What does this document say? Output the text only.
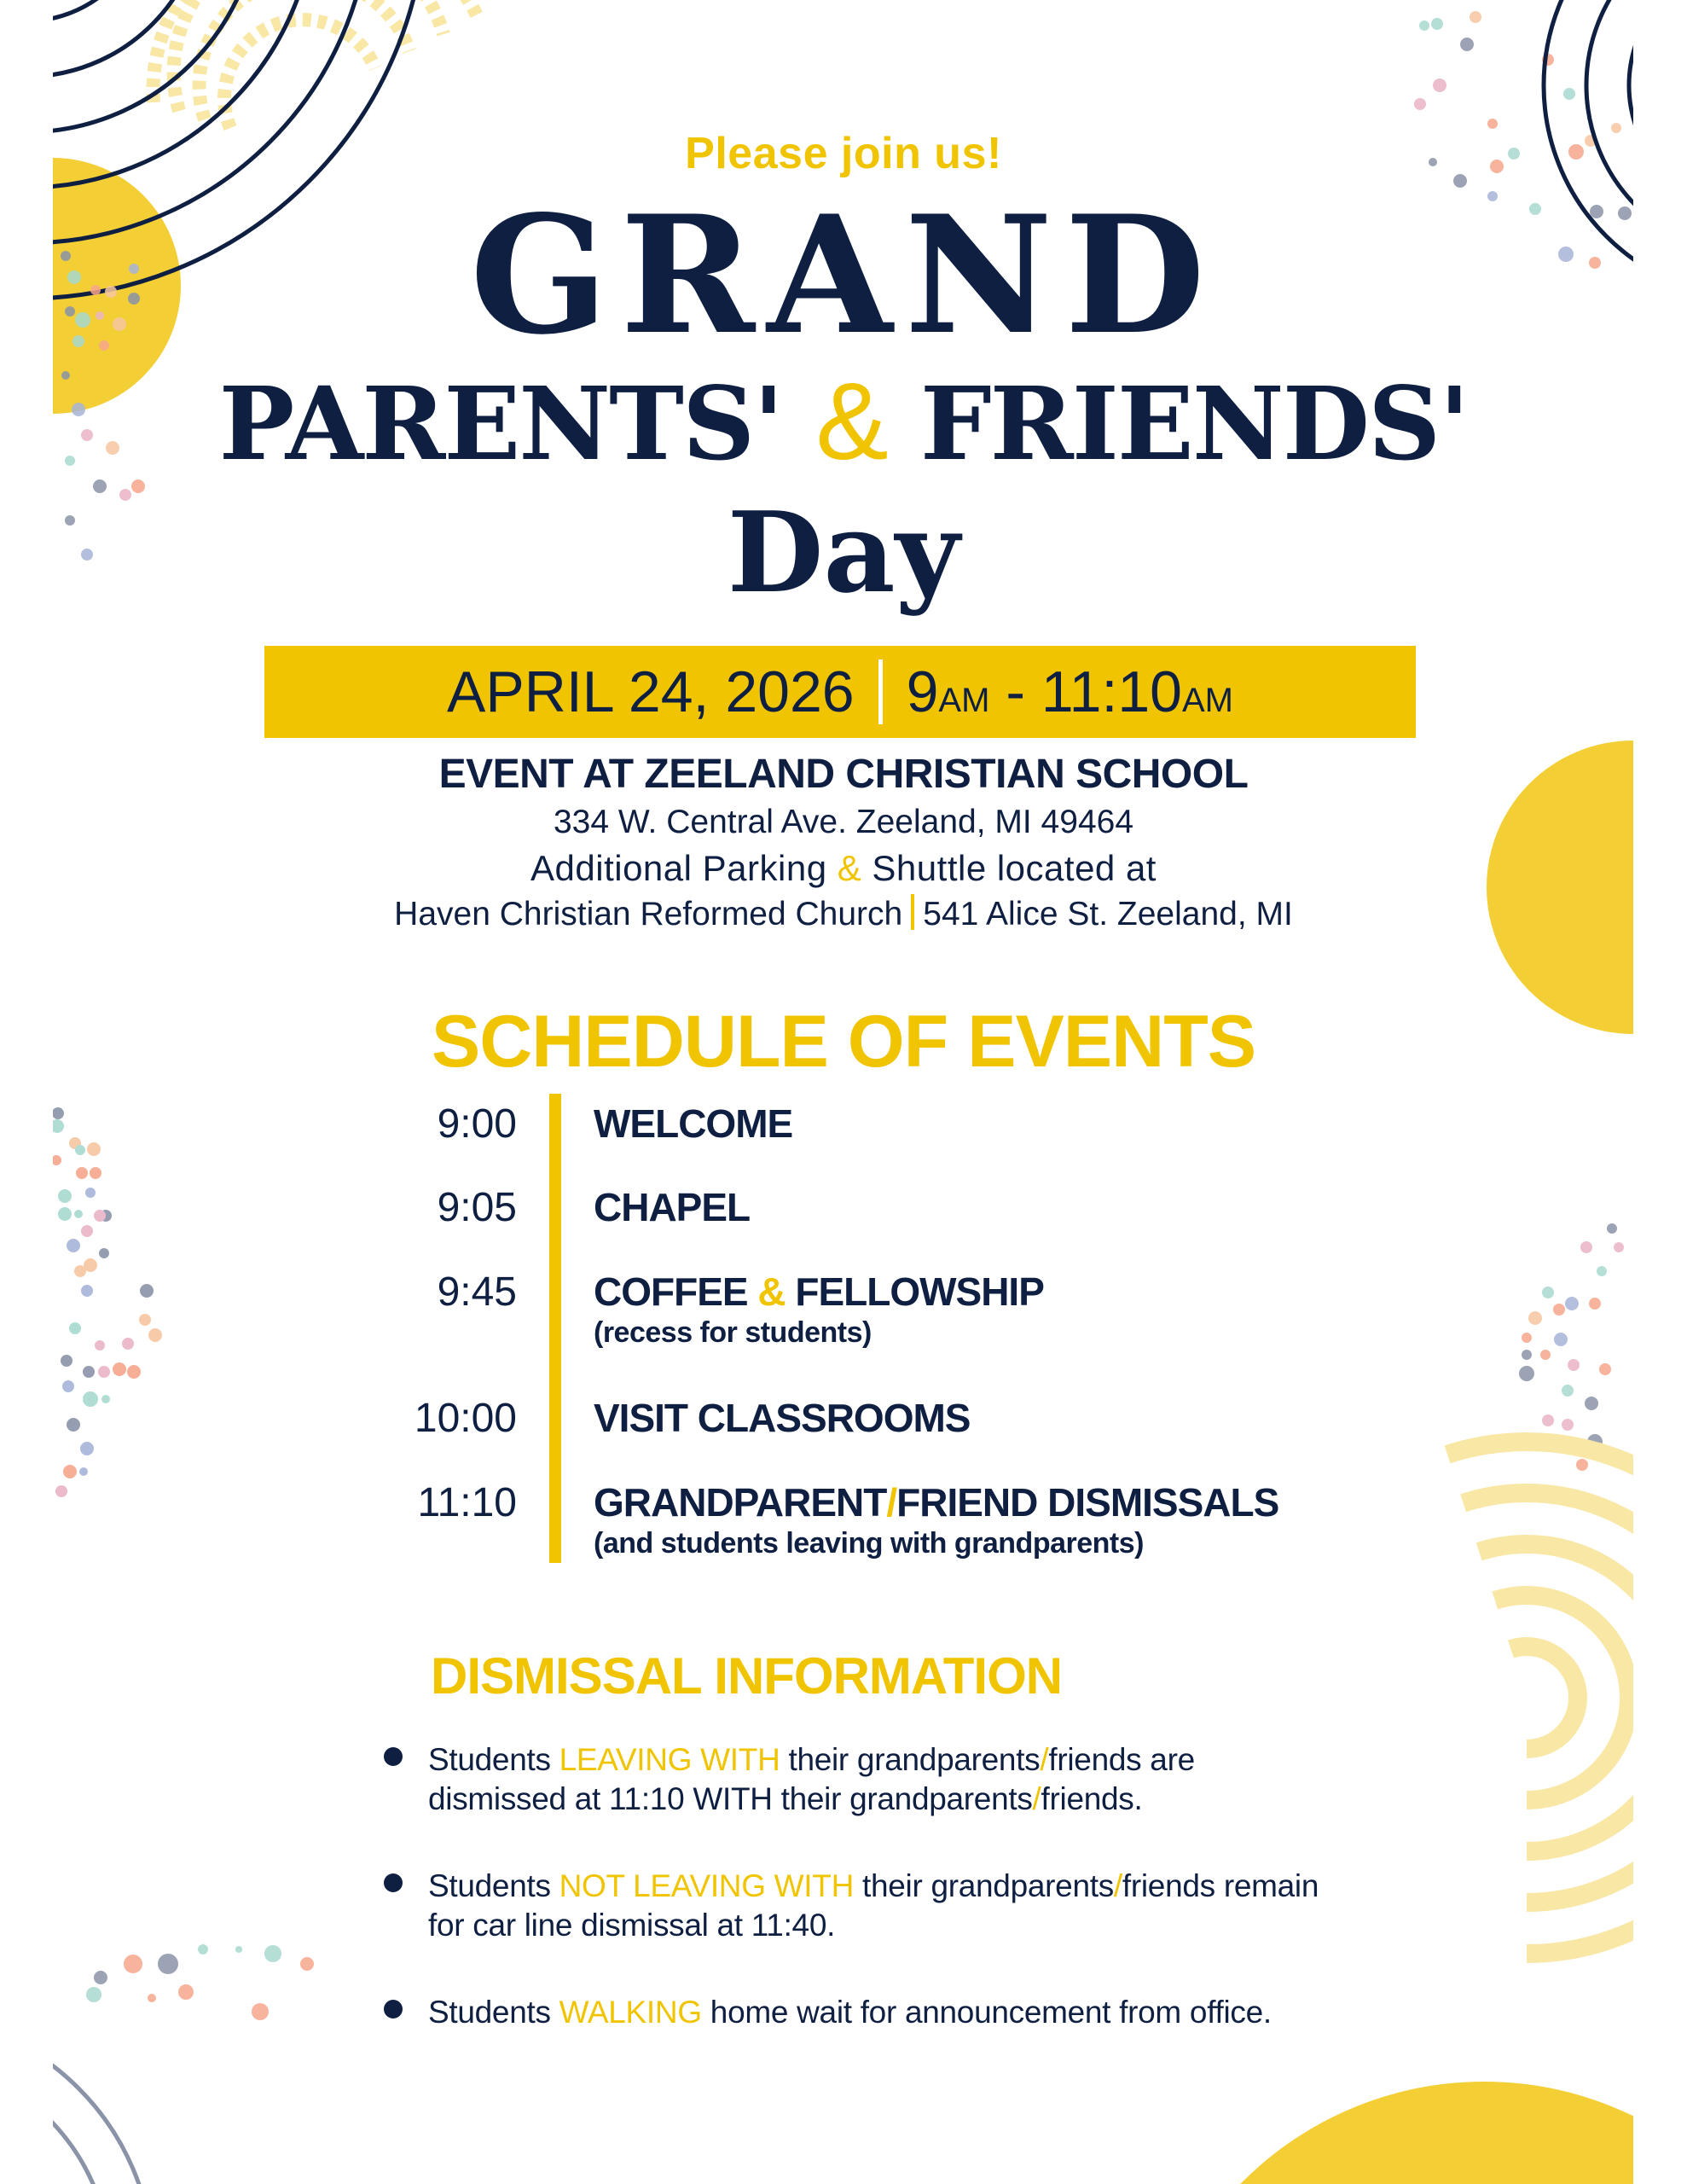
Please join us!
GRAND
PARENTS' & FRIENDS'
Day
APRIL 24, 2026 9AM - 11:10AM
EVENT AT ZEELAND CHRISTIAN SCHOOL
334 W. Central Ave. Zeeland, MI 49464
Additional Parking & Shuttle located at
Haven Christian Reformed Church 541 Alice St. Zeeland, MI
SCHEDULE OF EVENTS
9:00 WELCOME
9:05 CHAPEL
9:45 COFFEE & FELLOWSHIP
(recess for students)
10:00 VISIT CLASSROOMS
11:10 GRANDPARENT/FRIEND DISMISSALS
(and students leaving with grandparents)
DISMISSAL INFORMATION
Students LEAVING WITH their grandparents/friends are
dismissed at 11:10 WITH their grandparents/friends.
Students NOT LEAVING WITH their grandparents/friends remain
for car line dismissal at 11:40.
Students WALKING home wait for announcement from office.
